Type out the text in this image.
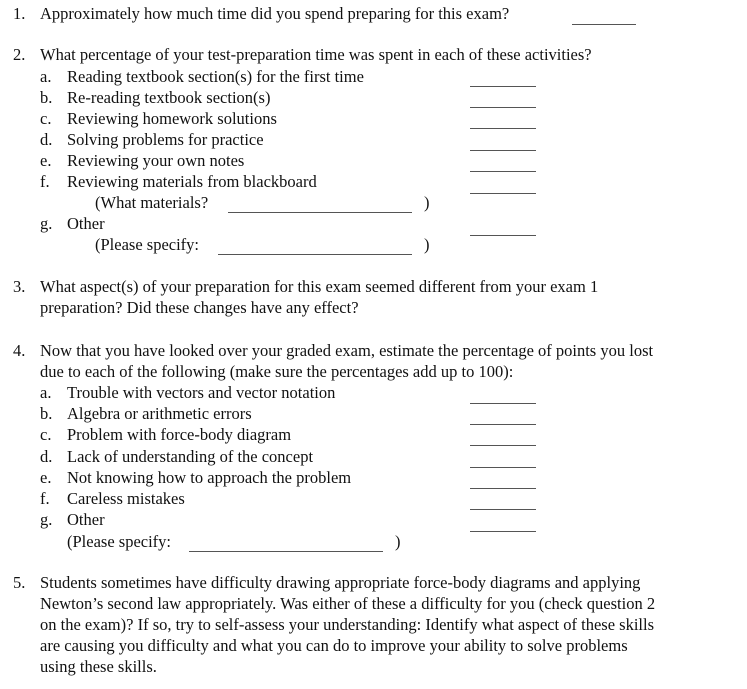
1. Approximately how much time did you spend preparing for this exam?
2. What percentage of your test-preparation time was spent in each of these activities?
a. Reading textbook section(s) for the first time
b. Re-reading textbook section(s)
c. Reviewing homework solutions
d. Solving problems for practice
e. Reviewing your own notes
f. Reviewing materials from blackboard
(What materials?	)
g. Other
(Please specify:	)
3. What aspect(s) of your preparation for this exam seemed different from your exam 1
preparation? Did these changes have any effect?
4. Now that you have looked over your graded exam, estimate the percentage of points you lost
due to each of the following (make sure the percentages add up to 100):
a. Trouble with vectors and vector notation
b. Algebra or arithmetic errors
c. Problem with force-body diagram
d. Lack of understanding of the concept
e. Not knowing how to approach the problem
f. Careless mistakes
g. Other
(Please specify:	)
5. Students sometimes have difficulty drawing appropriate force-body diagrams and applying
Newton’s second law appropriately. Was either of these a difficulty for you (check question 2
on the exam)? If so, try to self-assess your understanding: Identify what aspect of these skills
are causing you difficulty and what you can do to improve your ability to solve problems
using these skills.
